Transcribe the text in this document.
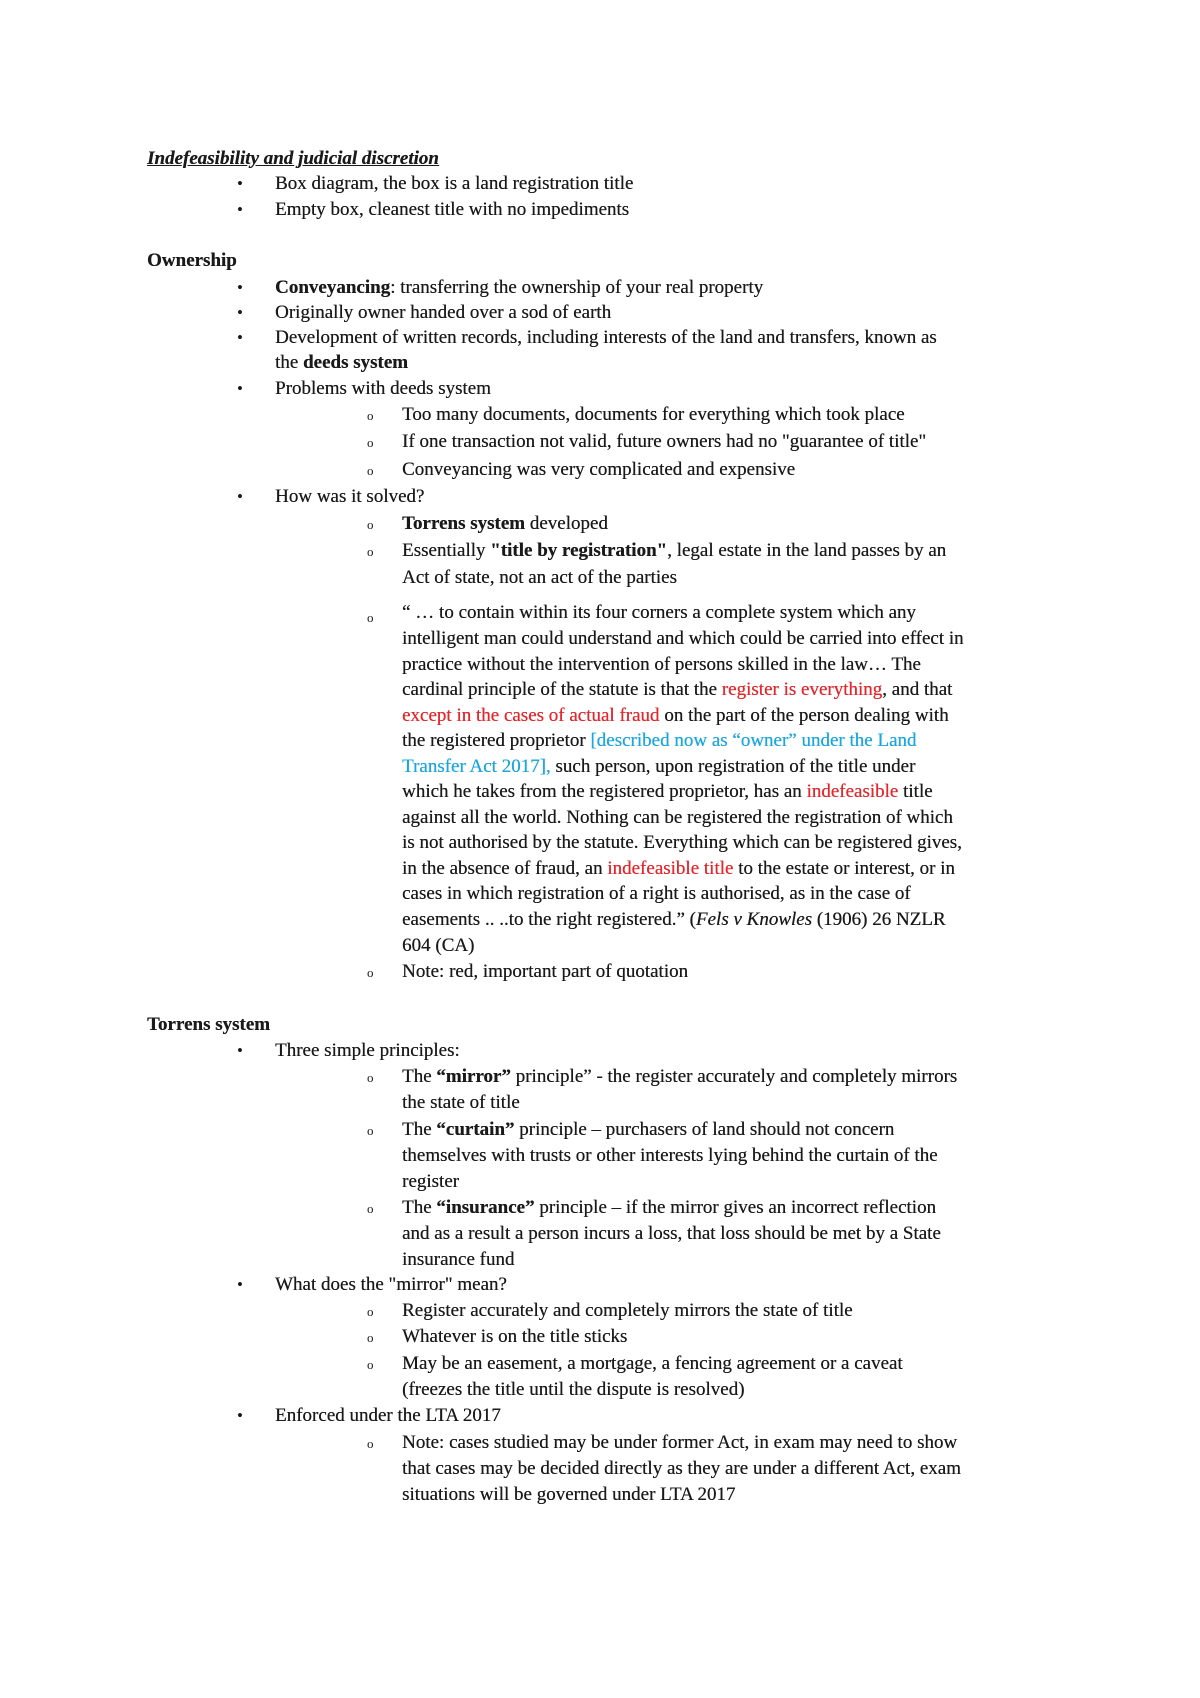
Indefeasibility and judicial discretion
• Box diagram, the box is a land registration title
• Empty box, cleanest title with no impediments
Ownership
• Conveyancing: transferring the ownership of your real property
• Originally owner handed over a sod of earth
• Development of written records, including interests of the land and transfers, known as
the deeds system
• Problems with deeds system
o Too many documents, documents for everything which took place
o If one transaction not valid, future owners had no "guarantee of title"
o Conveyancing was very complicated and expensive
• How was it solved?
o Torrens system developed
o Essentially "title by registration", legal estate in the land passes by an
Act of state, not an act of the parties
o “ … to contain within its four corners a complete system which any
intelligent man could understand and which could be carried into effect in
practice without the intervention of persons skilled in the law… The
cardinal principle of the statute is that the register is everything, and that
except in the cases of actual fraud on the part of the person dealing with
the registered proprietor [described now as “owner” under the Land
Transfer Act 2017], such person, upon registration of the title under
which he takes from the registered proprietor, has an indefeasible title
against all the world. Nothing can be registered the registration of which
is not authorised by the statute. Everything which can be registered gives,
in the absence of fraud, an indefeasible title to the estate or interest, or in
cases in which registration of a right is authorised, as in the case of
easements .. ..to the right registered.” (Fels v Knowles (1906) 26 NZLR
604 (CA)
o Note: red, important part of quotation
Torrens system
• Three simple principles:
o The “mirror” principle” - the register accurately and completely mirrors
the state of title
o The “curtain” principle – purchasers of land should not concern
themselves with trusts or other interests lying behind the curtain of the
register
o The “insurance” principle – if the mirror gives an incorrect reflection
and as a result a person incurs a loss, that loss should be met by a State
insurance fund
• What does the "mirror" mean?
o Register accurately and completely mirrors the state of title
o Whatever is on the title sticks
o May be an easement, a mortgage, a fencing agreement or a caveat
(freezes the title until the dispute is resolved)
• Enforced under the LTA 2017
o Note: cases studied may be under former Act, in exam may need to show
that cases may be decided directly as they are under a different Act, exam
situations will be governed under LTA 2017
